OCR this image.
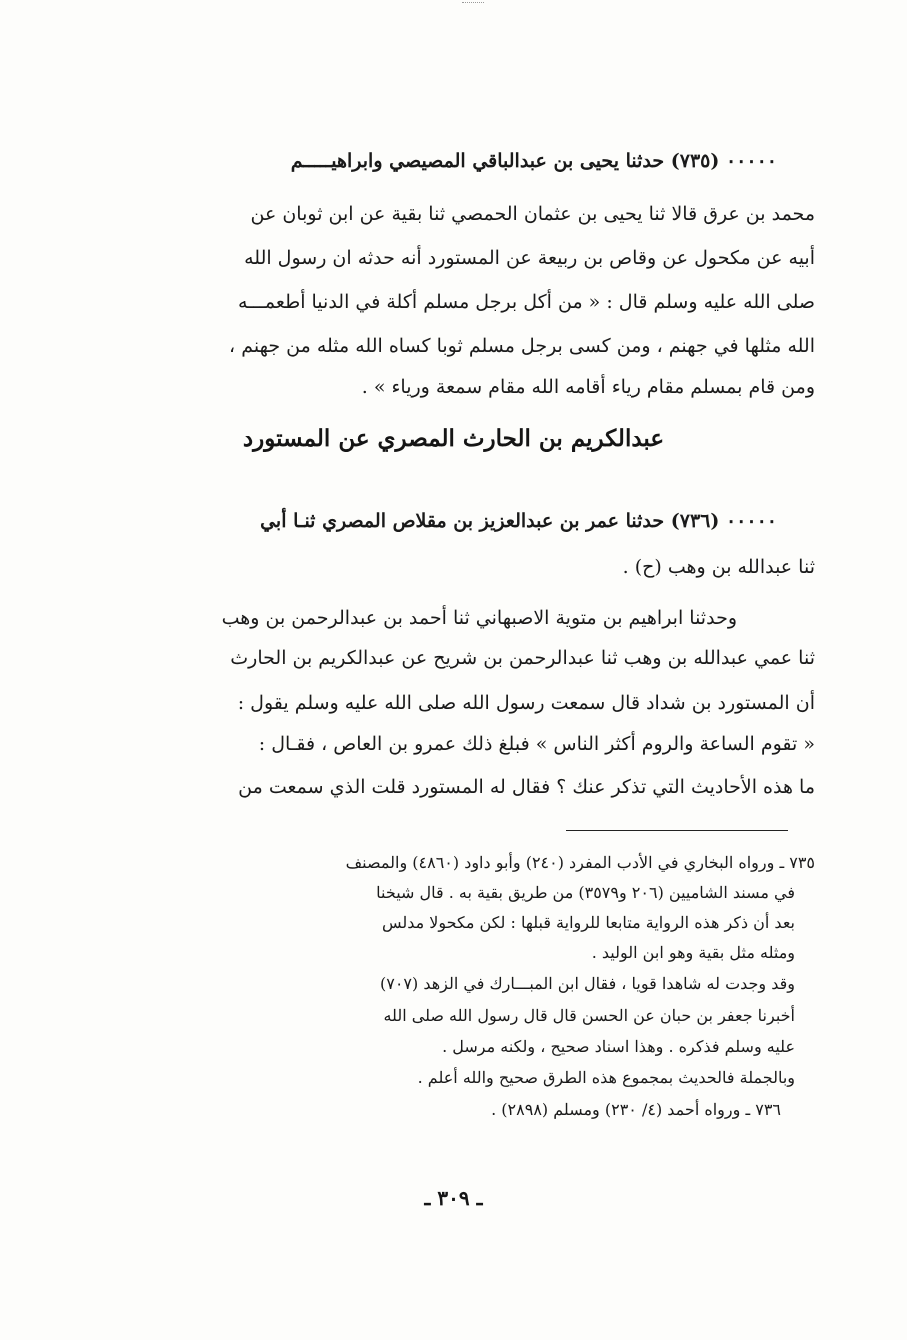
٠٠٠٠٠ (٧٣٥) حدثنا يحيى بن عبدالباقي المصيصي وابراهيـــــم
محمد بن عرق قالا ثنا يحيى بن عثمان الحمصي ثنا بقية عن ابن ثوبان عن
أبيه عن مكحول عن وقاص بن ربيعة عن المستورد أنه حدثه ان رسول الله
صلى الله عليه وسلم قال : « من أكل برجل مسلم أكلة في الدنيا أطعمـــه
الله مثلها في جهنم ، ومن كسى برجل مسلم ثوبا كساه الله مثله من جهنم ،
ومن قام بمسلم مقام رياء أقامه الله مقام سمعة ورياء » .
عبدالكريم بن الحارث المصري عن المستورد
٠٠٠٠٠ (٧٣٦) حدثنا عمر بن عبدالعزيز بن مقلاص المصري ثنـا أبي
ثنا عبدالله بن وهب (ح) .
وحدثنا ابراهيم بن متوية الاصبهاني ثنا أحمد بن عبدالرحمن بن وهب
ثنا عمي عبدالله بن وهب ثنا عبدالرحمن بن شريح عن عبدالكريم بن الحارث
أن المستورد بن شداد قال سمعت رسول الله صلى الله عليه وسلم يقول :
« تقوم الساعة والروم أكثر الناس » فبلغ ذلك عمرو بن العاص ، فقـال :
ما هذه الأحاديث التي تذكر عنك ؟ فقال له المستورد قلت الذي سمعت من
٧٣٥ ـ ورواه البخاري في الأدب المفرد (٢٤٠) وأبو داود (٤٨٦٠) والمصنف
في مسند الشاميين (٢٠٦ و٣٥٧٩) من طريق بقية به . قال شيخنا
بعد أن ذكر هذه الرواية متابعا للرواية قبلها : لكن مكحولا مدلس
ومثله مثل بقية وهو ابن الوليد .
وقد وجدت له شاهدا قويا ، فقال ابن المبـــارك في الزهد (٧٠٧)
أخبرنا جعفر بن حبان عن الحسن قال قال رسول الله صلى الله
عليه وسلم فذكره . وهذا اسناد صحيح ، ولكنه مرسل .
وبالجملة فالحديث بمجموع هذه الطرق صحيح والله أعلم .
٧٣٦ ـ ورواه أحمد (٤/ ٢٣٠) ومسلم (٢٨٩٨) .
ـ ٣٠٩ ـ
